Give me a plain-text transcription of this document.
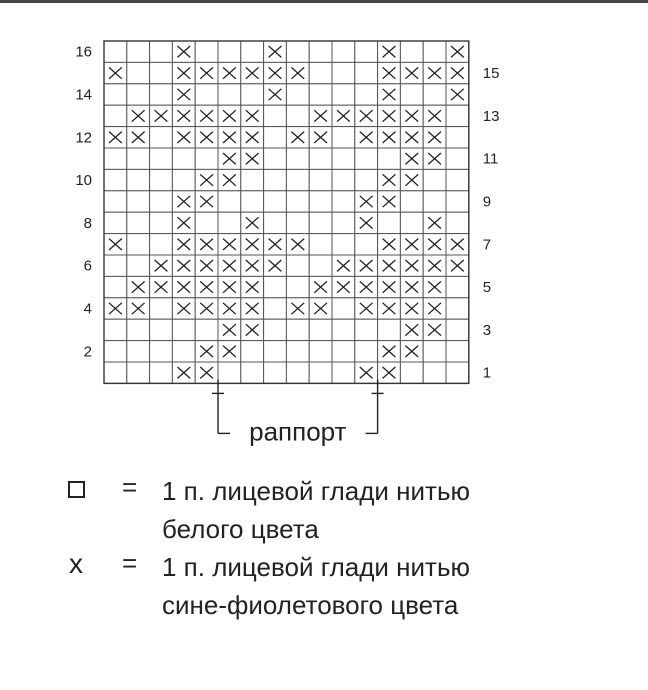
16
14
12
10
8
6
4
2
15
13
11
9
7
5
3
1
раппорт
= 1 п. лицевой глади нитью
белого цвета
x	= 1 п. лицевой глади нитью
сине-фиолетового цвета
